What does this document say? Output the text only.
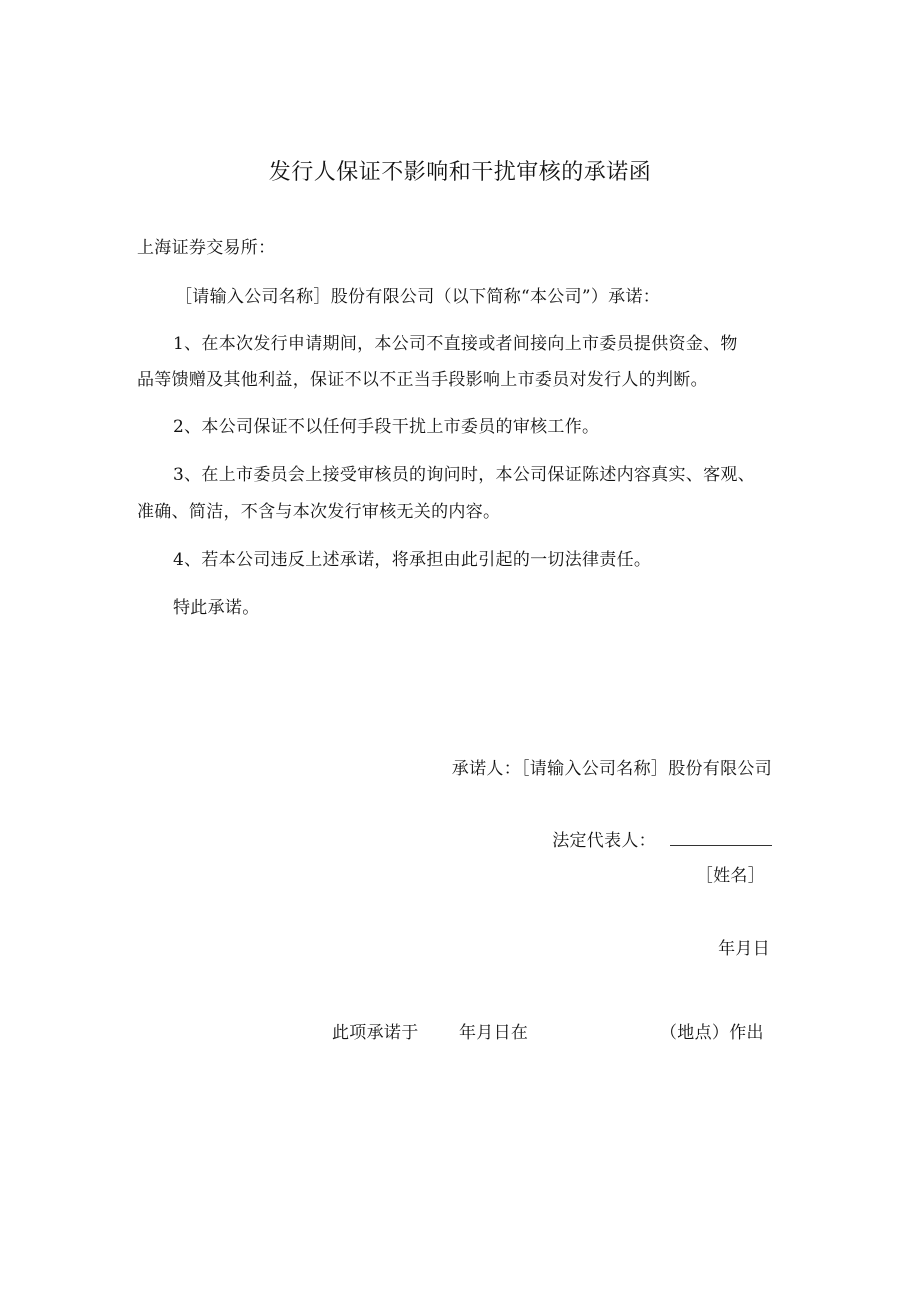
发行人保证不影响和干扰审核的承诺函
上海证券交易所：
［请输入公司名称］股份有限公司（以下简称“本公司”）承诺：
1、在本次发行申请期间，本公司不直接或者间接向上市委员提供资金、物
品等馈赠及其他利益，保证不以不正当手段影响上市委员对发行人的判断。
2、本公司保证不以任何手段干扰上市委员的审核工作。
3、在上市委员会上接受审核员的询问时，本公司保证陈述内容真实、客观、
准确、简洁，不含与本次发行审核无关的内容。
4、若本公司违反上述承诺，将承担由此引起的一切法律责任。
特此承诺。
承诺人：［请输入公司名称］股份有限公司
法定代表人：
［姓名］
年月日
此项承诺于 年月日在	（地点）作出
